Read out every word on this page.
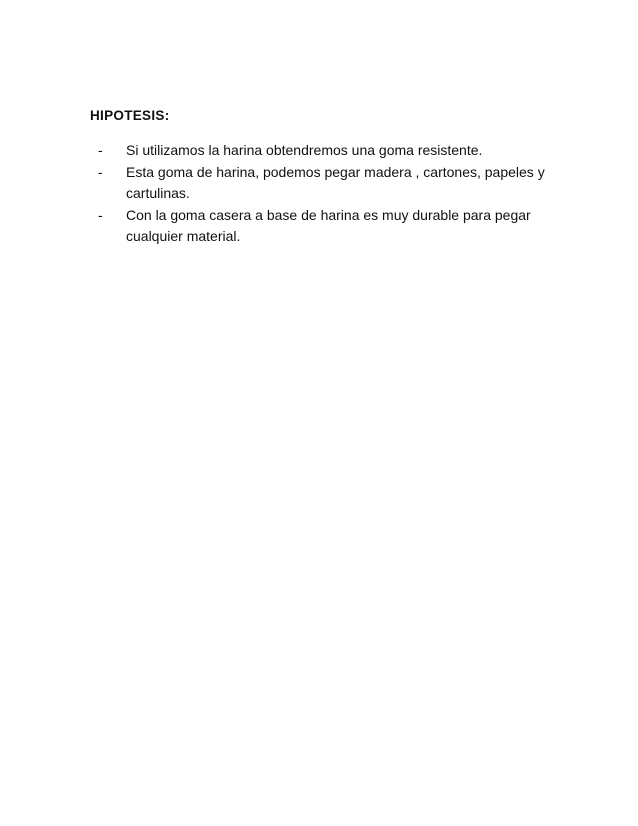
HIPOTESIS:
- Si utilizamos la harina obtendremos una goma resistente.
- Esta goma de harina, podemos pegar madera , cartones, papeles y cartulinas.
- Con la goma casera a base de harina es muy durable para pegar cualquier material.
